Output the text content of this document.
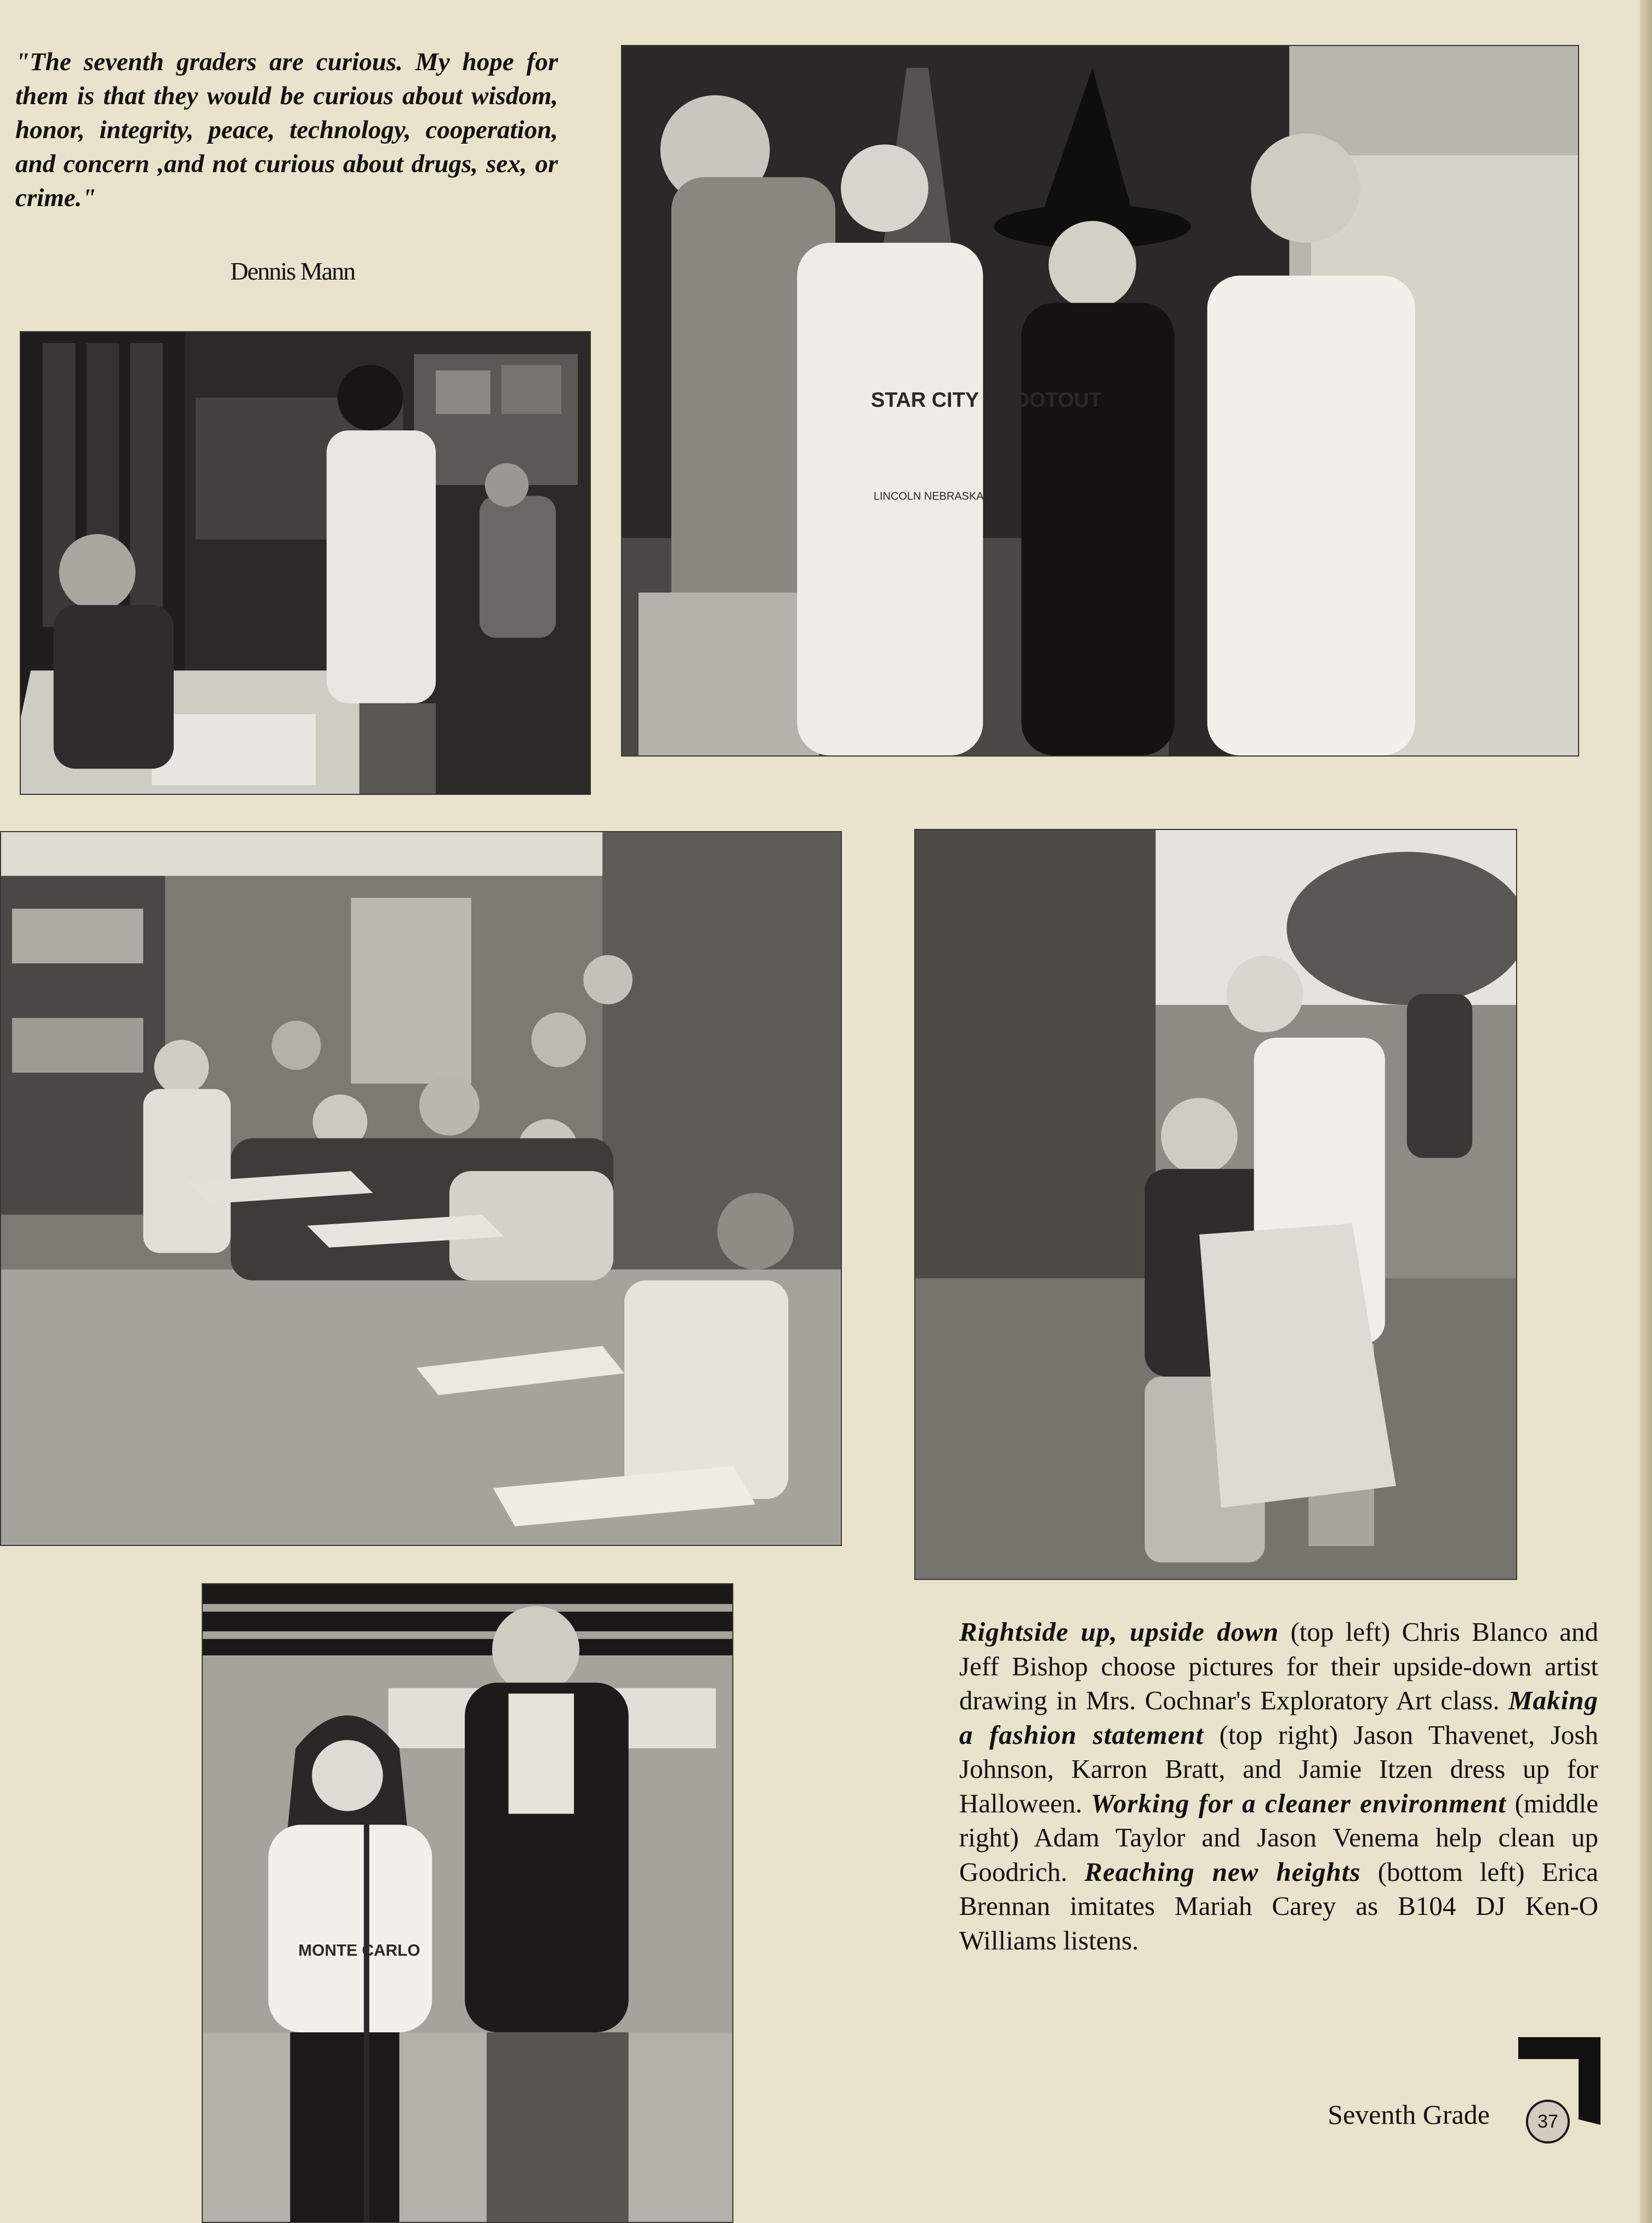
"The seventh graders are curious. My hope for them is that they would be curious about wisdom, honor, integrity, peace, technology, cooperation, and concern ,and not curious about drugs, sex, or crime."

Dennis Mann
STAR CITY SHOOTOUT
LINCOLN NEBRASKA
MONTE CARLO

Rightside up, upside down (top left) Chris Blanco and Jeff Bishop choose pictures for their upside-down artist drawing in Mrs. Cochnar's Exploratory Art class. Making a fashion statement (top right) Jason Thavenet, Josh Johnson, Karron Bratt, and Jamie Itzen dress up for Halloween. Working for a cleaner environment (middle right) Adam Taylor and Jason Venema help clean up Goodrich. Reaching new heights (bottom left) Erica Brennan imitates Mariah Carey as B104 DJ Ken-O Williams listens.

Seventh Grade	37
